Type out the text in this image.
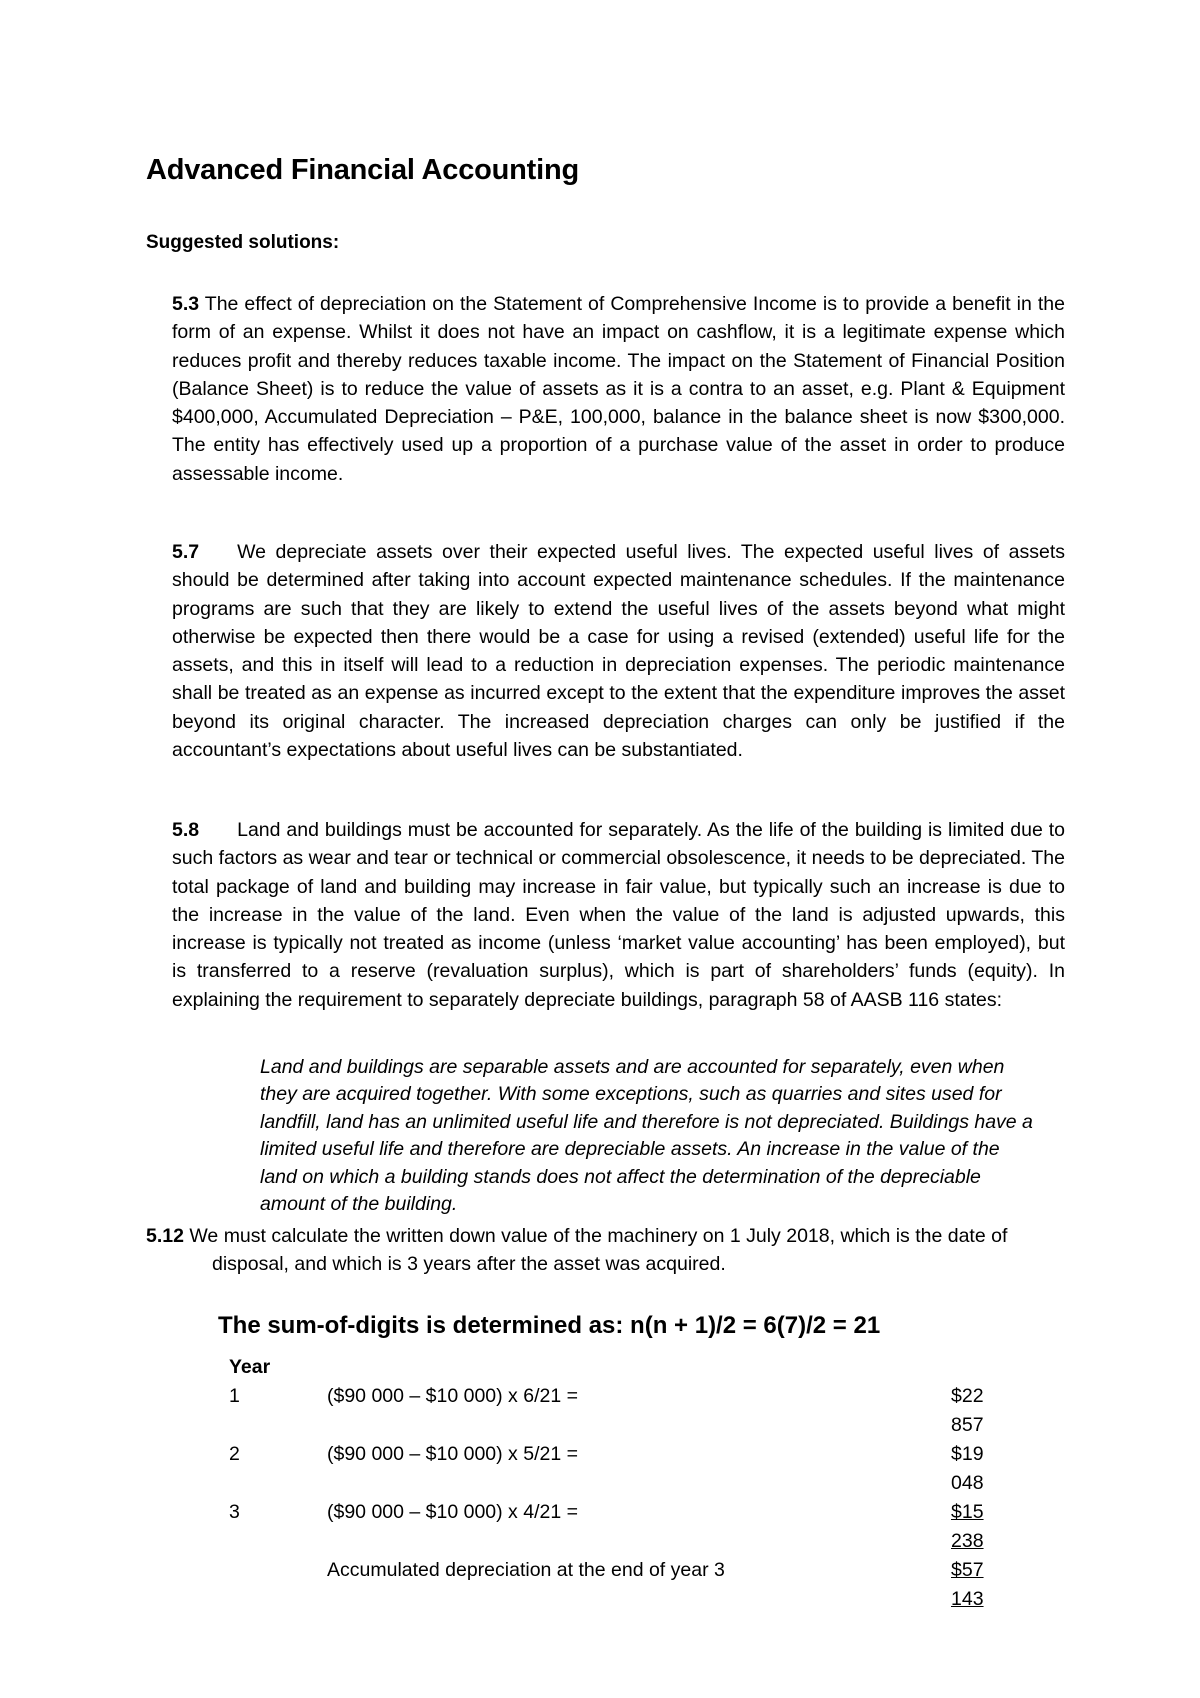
Advanced Financial Accounting
Suggested solutions:

5.3 The effect of depreciation on the Statement of Comprehensive Income is to provide a benefit in the form of an expense. Whilst it does not have an impact on cashflow, it is a legitimate expense which reduces profit and thereby reduces taxable income. The impact on the Statement of Financial Position (Balance Sheet) is to reduce the value of assets as it is a contra to an asset, e.g. Plant & Equipment $400,000, Accumulated Depreciation – P&E, 100,000, balance in the balance sheet is now $300,000. The entity has effectively used up a proportion of a purchase value of the asset in order to produce assessable income.

5.7 We depreciate assets over their expected useful lives. The expected useful lives of assets should be determined after taking into account expected maintenance schedules. If the maintenance programs are such that they are likely to extend the useful lives of the assets beyond what might otherwise be expected then there would be a case for using a revised (extended) useful life for the assets, and this in itself will lead to a reduction in depreciation expenses. The periodic maintenance shall be treated as an expense as incurred except to the extent that the expenditure improves the asset beyond its original character. The increased depreciation charges can only be justified if the accountant’s expectations about useful lives can be substantiated.

5.8 Land and buildings must be accounted for separately. As the life of the building is limited due to such factors as wear and tear or technical or commercial obsolescence, it needs to be depreciated. The total package of land and building may increase in fair value, but typically such an increase is due to the increase in the value of the land. Even when the value of the land is adjusted upwards, this increase is typically not treated as income (unless ‘market value accounting’ has been employed), but is transferred to a reserve (revaluation surplus), which is part of shareholders’ funds (equity). In explaining the requirement to separately depreciate buildings, paragraph 58 of AASB 116 states:

Land and buildings are separable assets and are accounted for separately, even when they are acquired together. With some exceptions, such as quarries and sites used for landfill, land has an unlimited useful life and therefore is not depreciated. Buildings have a limited useful life and therefore are depreciable assets. An increase in the value of the land on which a building stands does not affect the determination of the depreciable amount of the building.

5.12 We must calculate the written down value of the machinery on 1 July 2018, which is the date of
disposal, and which is 3 years after the asset was acquired.

The sum-of-digits is determined as: n(n + 1)/2 = 6(7)/2 = 21
Year
1	($90 000 – $10 000) x 6/21 =	$22
857
2	($90 000 – $10 000) x 5/21 =	$19
048
3	($90 000 – $10 000) x 4/21 =	$15
238
Accumulated depreciation at the end of year 3	$57
143
